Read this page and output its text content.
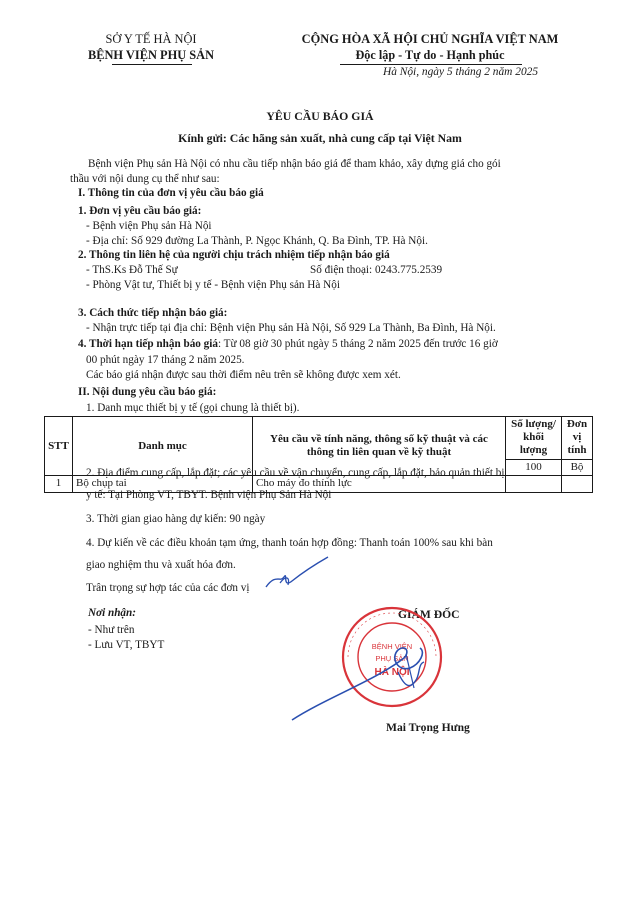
SỞ Y TẾ HÀ NỘI
BỆNH VIỆN PHỤ SẢN
CỘNG HÒA XÃ HỘI CHỦ NGHĨA VIỆT NAM
Độc lập - Tự do - Hạnh phúc
Hà Nội, ngày 5 tháng 2 năm 2025
YÊU CẦU BÁO GIÁ
Kính gửi: Các hãng sản xuất, nhà cung cấp tại Việt Nam
Bệnh viện Phụ sản Hà Nội có nhu cầu tiếp nhận báo giá để tham khảo, xây dựng giá cho gói
thầu với nội dung cụ thể như sau:
I. Thông tin của đơn vị yêu cầu báo giá
1. Đơn vị yêu cầu báo giá:
- Bệnh viện Phụ sản Hà Nội
- Địa chỉ: Số 929 đường La Thành, P. Ngọc Khánh, Q. Ba Đình, TP. Hà Nội.
2. Thông tin liên hệ của người chịu trách nhiệm tiếp nhận báo giá
- ThS.Ks Đỗ Thế Sự	Số điện thoại: 0243.775.2539
- Phòng Vật tư, Thiết bị y tế - Bệnh viện Phụ sản Hà Nội
3. Cách thức tiếp nhận báo giá:
- Nhận trực tiếp tại địa chỉ: Bệnh viện Phụ sản Hà Nội, Số 929 La Thành, Ba Đình, Hà Nội.
4. Thời hạn tiếp nhận báo giá: Từ 08 giờ 30 phút ngày 5 tháng 2 năm 2025 đến trước 16 giờ
00 phút ngày 17 tháng 2 năm 2025.
Các báo giá nhận được sau thời điểm nêu trên sẽ không được xem xét.
II. Nội dung yêu cầu báo giá:
1. Danh mục thiết bị y tế (gọi chung là thiết bị).
STT	Danh mục	Yêu cầu về tính năng, thông số kỹ thuật và các thông tin liên quan về kỹ thuật	Số lượng/ khối lượng	Đơn vị tính
			100	Bộ
1	Bộ chụp tai	Cho máy đo thính lực		
2. Địa điểm cung cấp, lắp đặt; các yêu cầu về vận chuyển, cung cấp, lắp đặt, bảo quản thiết bị
y tế: Tại Phòng VT, TBYT. Bệnh viện Phụ Sản Hà Nội
3. Thời gian giao hàng dự kiến: 90 ngày
4. Dự kiến về các điều khoản tạm ứng, thanh toán hợp đồng: Thanh toán 100% sau khi bàn
giao nghiệm thu và xuất hóa đơn.
Trân trọng sự hợp tác của các đơn vị
Nơi nhận:
- Như trên
- Lưu VT, TBYT
GIÁM ĐỐC
BỆNH VIỆN
PHỤ SẢN
HÀ NỘI
Mai Trọng Hưng
